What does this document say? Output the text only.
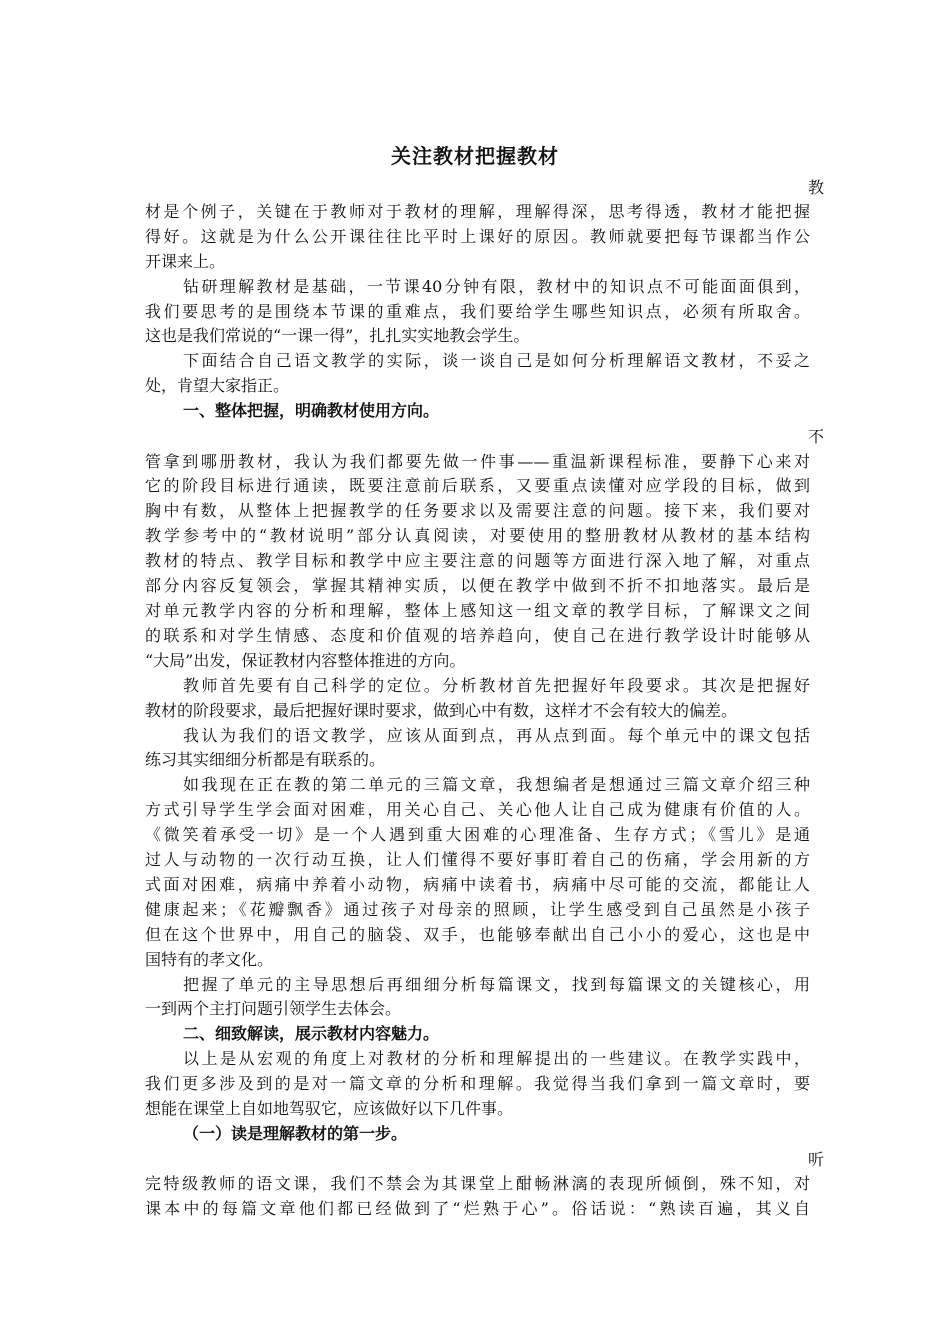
关注教材把握教材
教
材是个例子，关键在于教师对于教材的理解，理解得深，思考得透，教材才能把握
得好。这就是为什么公开课往往比平时上课好的原因。教师就要把每节课都当作公
开课来上。
钻研理解教材是基础，一节课40分钟有限，教材中的知识点不可能面面俱到，
我们要思考的是围绕本节课的重难点，我们要给学生哪些知识点，必须有所取舍。
这也是我们常说的“一课一得”，扎扎实实地教会学生。
下面结合自己语文教学的实际，谈一谈自己是如何分析理解语文教材，不妥之
处，肯望大家指正。
一、整体把握，明确教材使用方向。
不
管拿到哪册教材，我认为我们都要先做一件事——重温新课程标准，要静下心来对
它的阶段目标进行通读，既要注意前后联系，又要重点读懂对应学段的目标，做到
胸中有数，从整体上把握教学的任务要求以及需要注意的问题。接下来，我们要对
教学参考中的“教材说明”部分认真阅读，对要使用的整册教材从教材的基本结构
教材的特点、教学目标和教学中应主要注意的问题等方面进行深入地了解，对重点
部分内容反复领会，掌握其精神实质，以便在教学中做到不折不扣地落实。最后是
对单元教学内容的分析和理解，整体上感知这一组文章的教学目标，了解课文之间
的联系和对学生情感、态度和价值观的培养趋向，使自己在进行教学设计时能够从
“大局”出发，保证教材内容整体推进的方向。
教师首先要有自己科学的定位。分析教材首先把握好年段要求。其次是把握好
教材的阶段要求，最后把握好课时要求，做到心中有数，这样才不会有较大的偏差。
我认为我们的语文教学，应该从面到点，再从点到面。每个单元中的课文包括
练习其实细细分析都是有联系的。
如我现在正在教的第二单元的三篇文章，我想编者是想通过三篇文章介绍三种
方式引导学生学会面对困难，用关心自己、关心他人让自己成为健康有价值的人。
《微笑着承受一切》是一个人遇到重大困难的心理准备、生存方式；《雪儿》是通
过人与动物的一次行动互换，让人们懂得不要好事盯着自己的伤痛，学会用新的方
式面对困难，病痛中养着小动物，病痛中读着书，病痛中尽可能的交流，都能让人
健康起来；《花瓣飘香》通过孩子对母亲的照顾，让学生感受到自己虽然是小孩子
但在这个世界中，用自己的脑袋、双手，也能够奉献出自己小小的爱心，这也是中
国特有的孝文化。
把握了单元的主导思想后再细细分析每篇课文，找到每篇课文的关键核心，用
一到两个主打问题引领学生去体会。
二、细致解读，展示教材内容魅力。
以上是从宏观的角度上对教材的分析和理解提出的一些建议。在教学实践中，
我们更多涉及到的是对一篇文章的分析和理解。我觉得当我们拿到一篇文章时，要
想能在课堂上自如地驾驭它，应该做好以下几件事。
（一）读是理解教材的第一步。
听
完特级教师的语文课，我们不禁会为其课堂上酣畅淋漓的表现所倾倒，殊不知，对
课本中的每篇文章他们都已经做到了“烂熟于心”。俗话说：“熟读百遍，其义自
